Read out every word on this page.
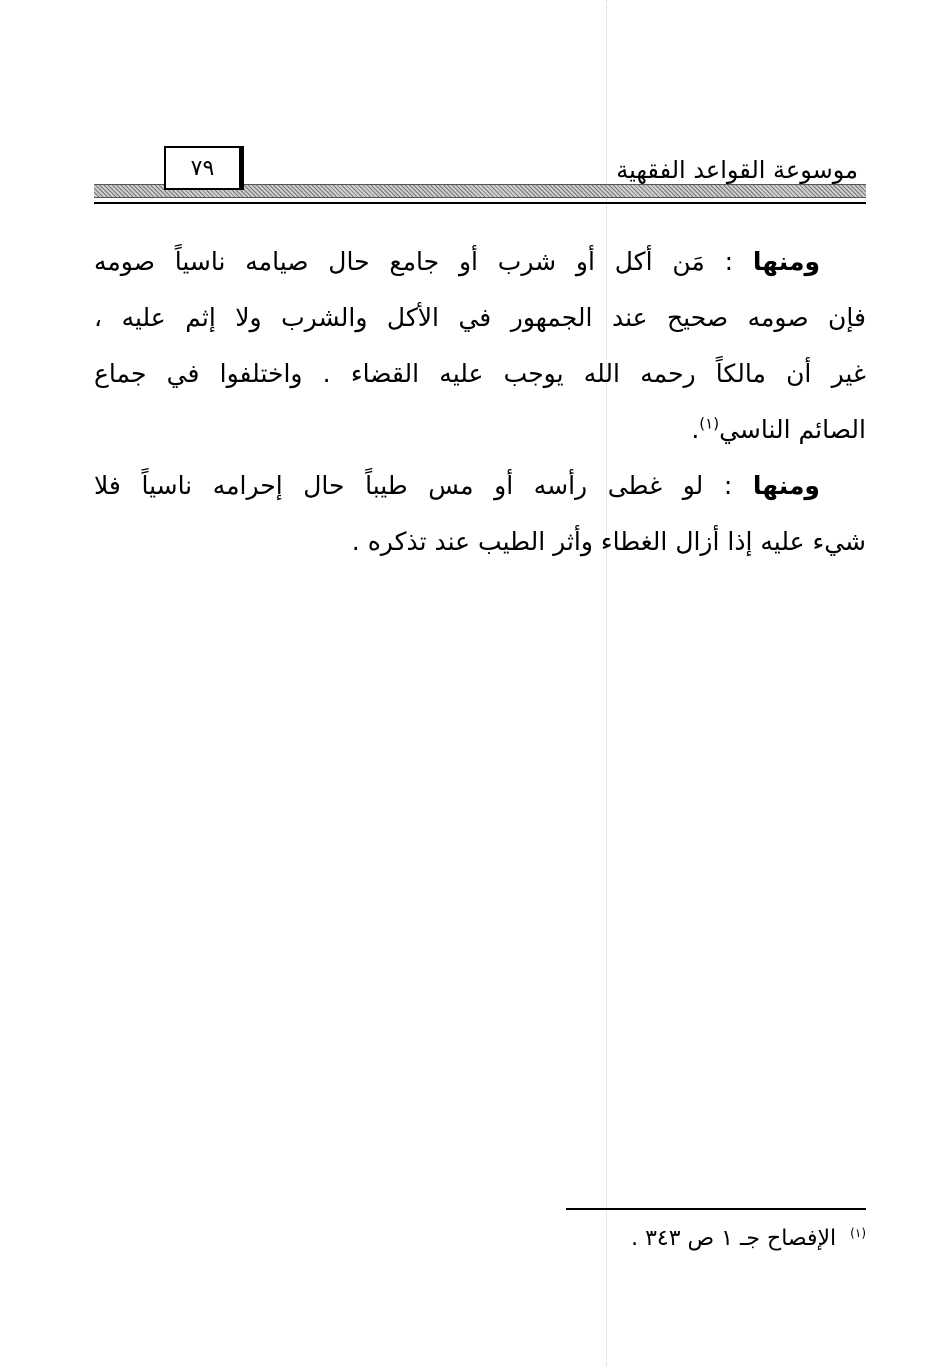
٧٩	موسوعة القواعد الفقهية
ومنها : مَن أكل أو شرب أو جامع حال صيامه ناسياً صومه
فإن صومه صحيح عند الجمهور في الأكل والشرب ولا إثم عليه ،
غير أن مالكاً رحمه الله يوجب عليه القضاء . واختلفوا في جماع
الصائم الناسي$^{(١)}$.
ومنها : لو غطى رأسه أو مس طيباً حال إحرامه ناسياً فلا
شيء عليه إذا أزال الغطاء وأثر الطيب عند تذكره .
$^{(١)}$الإفصاح جـ ١ ص ٣٤٣ .
